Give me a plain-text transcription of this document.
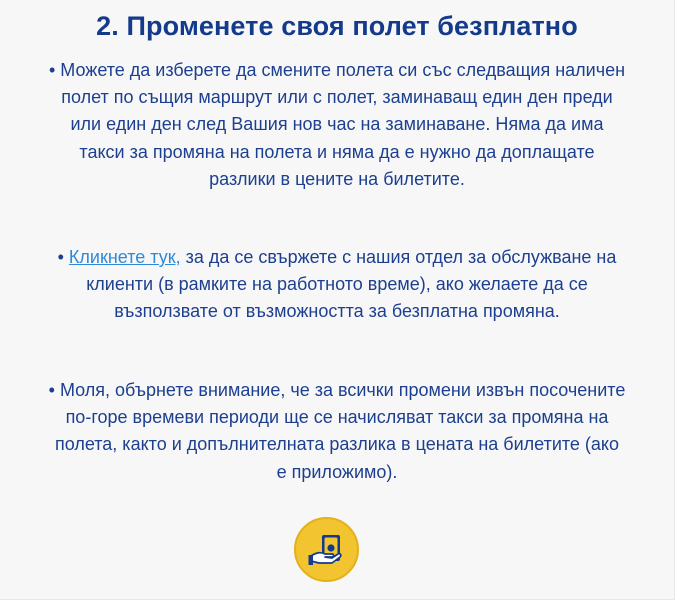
2. Променете своя полет безплатно
• Можете да изберете да смените полета си със следващия наличен полет по същия маршрут или с полет, заминаващ един ден преди или един ден след Вашия нов час на заминаване. Няма да има такси за промяна на полета и няма да е нужно да доплащате разлики в цените на билетите.
• Кликнете тук, за да се свържете с нашия отдел за обслужване на клиенти (в рамките на работното време), ако желаете да се възползвате от възможността за безплатна промяна.
• Моля, обърнете внимание, че за всички промени извън посочените по-горе времеви периоди ще се начисляват такси за промяна на полета, както и допълнителната разлика в цената на билетите (ако е приложимо).
